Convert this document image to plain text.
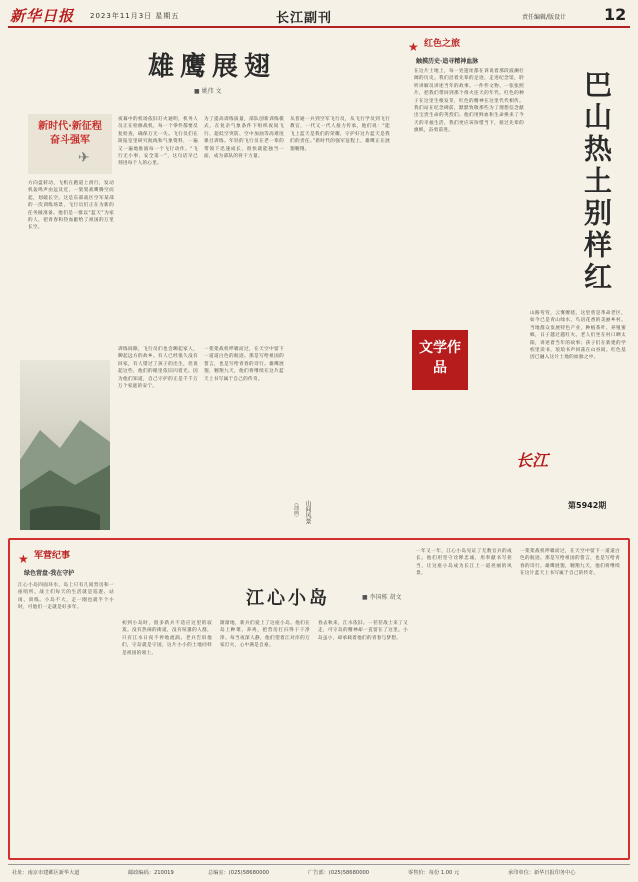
新华日报 2023年11月3日 星期五	长江副刊	责任编辑/版设计 12
雄鹰展翅
■ 姚伟 文
新时代·新征程 奋斗强军
✈
方向盘转动，飞机在跑道上滑行，发动机轰鸣声由远及近，一架架战鹰腾空而起，划破长空。这是东部战区空军某部的一次训练场景，飞行员们正在为新的任务做准备。他们是一群以“蓝天”为家的人，把青春和热血献给了祖国的万里长空。
夜幕中的机场依旧灯火通明，机务人员正在检修战机，每一个零件都要反复检查，确保万无一失。飞行员们在简报室里研究航线和气象资料，一遍又一遍地推演每一个飞行动作。“飞行无小事，安全第一”，这句话早已刻进每个人的心里。
为了提高训练质量，部队创新训练模式，在复杂气象条件下组织夜间飞行、超低空突防、空中加油等高难度课目训练。年轻的飞行员在老一辈的带领下迅速成长，很快就能独当一面，成为部队的骨干力量。
从普通一兵到空军飞行员，从飞行学员到飞行教官，一代又一代人接力传承。他们说：“能飞上蓝天是我们的荣耀，守护好这片蓝天是我们的责任。”新时代的强军征程上，雄鹰正在展翅翱翔。
训练间隙，飞行员们也会聊起家人，聊起远方的故乡。有人已经很久没有回家，有人错过了孩子的出生，但说起这些，他们的眼里依旧闪着光。因为他们知道，自己守护的正是千千万万个家庭的安宁。
一架架战机呼啸而过，在天空中留下一道道白色的航迹。那是写给祖国的誓言，也是写给青春的诗行。雄鹰展翅，翱翔九天，他们将继续在这片蓝天上书写属于自己的传奇。
山间风景
（油画）
★ 红色之旅
触摸历史·追寻精神血脉
在这片土地上，每一处遗址都在诉说着那段波澜壮阔的历史。我们沿着先辈的足迹，走进纪念馆，聆听讲解员讲述当年的故事。一件件文物、一张张照片，把我们带回到那个烽火连天的年代。红色的种子在这里生根发芽，红色的精神在这里代代相传。我们站在纪念碑前，默默致敬那些为了理想信念献出宝贵生命的英烈们。他们用鲜血和生命换来了今天的幸福生活，我们更应该珍惜当下，接过先辈的旗帜，奋勇前进。	巴山热土别样红
山路弯弯，云雾缭绕。这里曾是革命老区，如今已是青山绿水、鸟语花香的美丽乡村。当地群众发展特色产业，种植茶叶、养殖蜜蜂，日子越过越红火。老人们坐在村口晒太阳，讲述着当年的故事；孩子们在新建的学校里读书，琅琅书声回荡在山谷间。红色基因已融入这片土地的血脉之中。
文学作品
长江
第5942期
★ 军营纪事
绿色营盘·我在守护
江心小岛四面环水，岛上只有几间营房和一座哨所。战士们每天的生活就是巡逻、站岗、训练。小岛不大，走一圈也就半个小时，可他们一走就是好多年。	江心小岛	■ 李国栋 胡文
初到小岛时，很多新兵不适应这里的寂寞。没有热闹的街道，没有喧嚣的人群，只有江水日夜不停地流淌。老兵告诉他们，守岛就是守国，这片小小的土地同样是祖国的领土。
渐渐地，新兵们爱上了这座小岛。他们在岛上种菜、养鸡，把营房打扫得干干净净。每当夜深人静，他们望着江对岸的万家灯火，心中满是自豪。
春去秋来，江水依旧。一茬茬战士来了又走，可守岛的精神却一直留在了这里。小岛虽小，却承载着他们的青春与梦想。
一年又一年，江心小岛见证了无数官兵的成长。他们用坚守诠释忠诚，用奉献书写担当，让这座小岛成为长江上一道亮丽的风景。
一架架战机呼啸而过，在天空中留下一道道白色的航迹。那是写给祖国的誓言，也是写给青春的诗行。雄鹰展翅，翱翔九天，他们将继续在这片蓝天上书写属于自己的传奇。
社址：南京市建邺区新华大道	邮政编码：210019	总编室：(025)58680000	广告部：(025)58680000	零售价：每份 1.00 元	承印单位：新华日报印务中心
